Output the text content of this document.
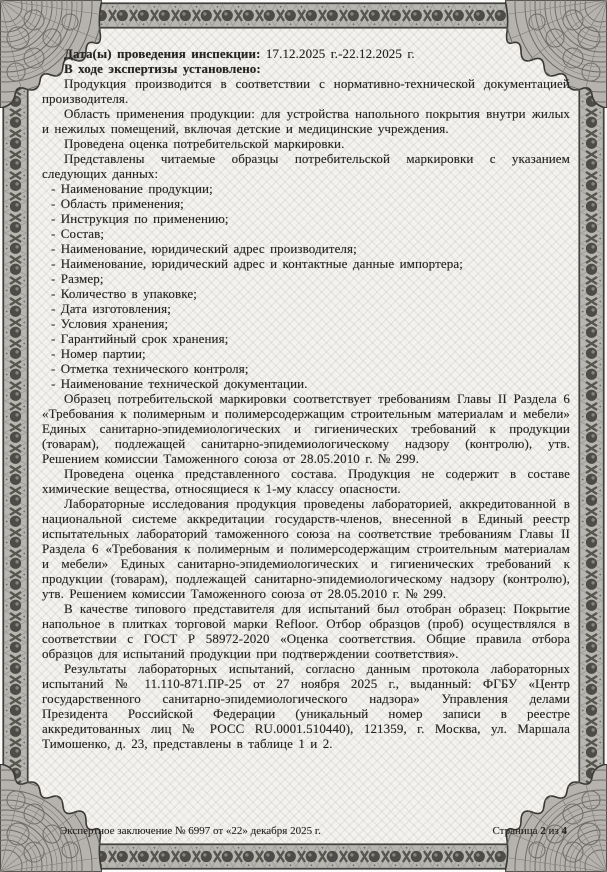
Дата(ы) проведения инспекции: 17.12.2025 г.-22.12.2025 г.

В ходе экспертизы установлено:

Продукция производится в соответствии с нормативно-технической документацией производителя.

Область применения продукции: для устройства напольного покрытия внутри жилых и нежилых помещений, включая детские и медицинские учреждения.

Проведена оценка потребительской маркировки.

Представлены читаемые образцы потребительской маркировки с указанием следующих данных:

- Наименование продукции;

- Область применения;

- Инструкция по применению;

- Состав;

- Наименование, юридический адрес производителя;

- Наименование, юридический адрес и контактные данные импортера;

- Размер;

- Количество в упаковке;

- Дата изготовления;

- Условия хранения;

- Гарантийный срок хранения;

- Номер партии;

- Отметка технического контроля;

- Наименование технической документации.

Образец потребительской маркировки соответствует требованиям Главы II Раздела 6 «Требования к полимерным и полимерсодержащим строительным материалам и мебели» Единых санитарно-эпидемиологических и гигиенических требований к продукции (товарам), подлежащей санитарно-эпидемиологическому надзору (контролю), утв. Решением комиссии Таможенного союза от 28.05.2010 г. № 299.

Проведена оценка представленного состава. Продукция не содержит в составе химические вещества, относящиеся к 1-му классу опасности.

Лабораторные исследования продукция проведены лабораторией, аккредитованной в национальной системе аккредитации государств-членов, внесенной в Единый реестр испытательных лабораторий таможенного союза на соответствие требованиям Главы II Раздела 6 «Требования к полимерным и полимерсодержащим строительным материалам и мебели» Единых санитарно-эпидемиологических и гигиенических требований к продукции (товарам), подлежащей санитарно-эпидемиологическому надзору (контролю), утв. Решением комиссии Таможенного союза от 28.05.2010 г. № 299.

В качестве типового представителя для испытаний был отобран образец: Покрытие напольное в плитках торговой марки Refloor. Отбор образцов (проб) осуществлялся в соответствии с ГОСТ Р 58972-2020 «Оценка соответствия. Общие правила отбора образцов для испытаний продукции при подтверждении соответствия».

Результаты лабораторных испытаний, согласно данным протокола лабораторных испытаний № 11.110-871.ПР-25 от 27 ноября 2025 г., выданный: ФГБУ «Центр государственного санитарно-эпидемиологического надзора» Управления делами Президента Российской Федерации (уникальный номер записи в реестре аккредитованных лиц № РОСС RU.0001.510440), 121359, г. Москва, ул. Маршала Тимошенко, д. 23, представлены в таблице 1 и 2.

Экспертное заключение № 6997 от «22» декабря 2025 г.	Страница 2 из 4
